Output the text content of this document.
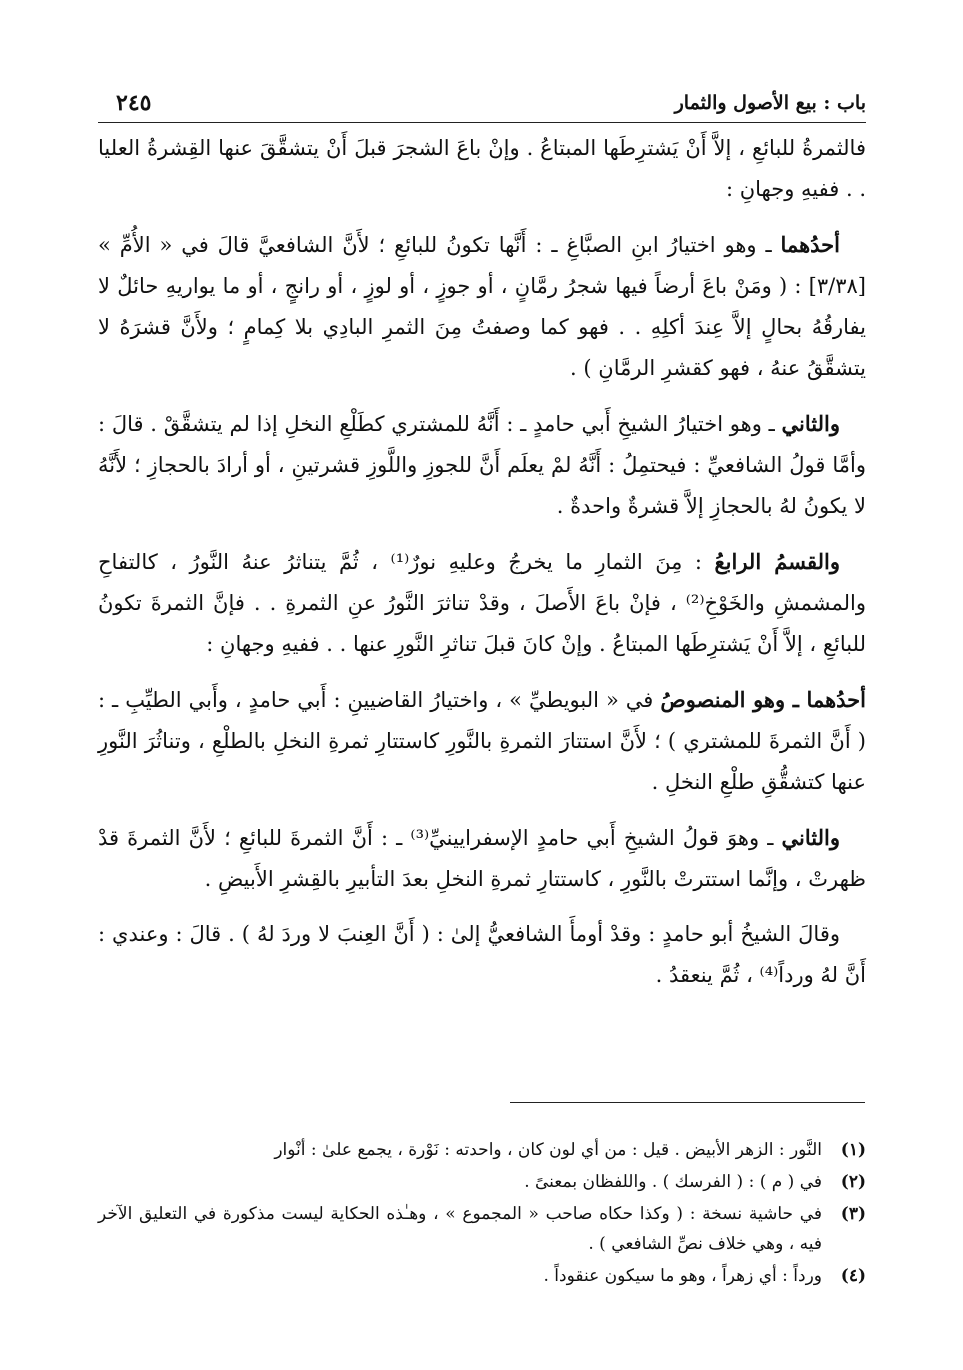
باب : بيع الأصول والثمار
٢٤٥

فالثمرةُ للبائعِ ، إلاَّ أَنْ يَشترِطَها المبتاعُ . وإنْ باعَ الشجرَ قبلَ أَنْ يتشقَّقَ عنها القِشرةُ العليا . . ففيهِ وجهانِ :

أحدُهما ـ وهو اختيارُ ابنِ الصبَّاغِ ـ : أَنَّها تكونُ للبائعِ ؛ لأَنَّ الشافعيَّ قالَ في « الأُمِّ » [٣/٣٨] : ( ومَنْ باعَ أرضاً فيها شجرُ رمَّانٍ ، أو جوزٍ ، أو لوزٍ ، أو رانجٍ ، أو ما يواريهِ حائلٌ لا يفارقُهُ بحالٍ إلاَّ عِندَ أكلِهِ . . فهو كما وصفتُ مِنَ الثمرِ البادِي بلا كِمامٍ ؛ ولأَنَّ قشرَهُ لا يتشقَّقُ عنهُ ، فهو كقشرِ الرمَّانِ ) .

والثاني ـ وهو اختيارُ الشيخِ أَبي حامدٍ ـ : أَنَّهُ للمشتري كطَلْعِ النخلِ إذا لم يتشقَّقْ . قالَ : وأمَّا قولُ الشافعيِّ : فيحتمِلُ : أَنَّهُ لمْ يعلَم أَنَّ للجوزِ واللَّوزِ قشرتينِ ، أو أرادَ بالحجازِ ؛ لأَنَّهُ لا يكونُ لهُ بالحجازِ إلاَّ قشرةٌ واحدةٌ .

والقسمُ الرابعُ : مِنَ الثمارِ ما يخرجُ وعليهِ نورٌ⁽¹⁾ ، ثُمَّ يتناثرُ عنهُ النَّورُ ، كالتفاحِ والمشمشِ والخَوْخِ⁽²⁾ ، فإنْ باعَ الأَصلَ ، وقدْ تناثرَ النَّورُ عنِ الثمرةِ . . فإنَّ الثمرةَ تكونُ للبائعِ ، إلاَّ أَنْ يَشترِطَها المبتاعُ . وإنْ كانَ قبلَ تناثرِ النَّورِ عنها . . ففيهِ وجهانِ :

أحدُهما ـ وهو المنصوصُ في « البويطيِّ » ، واختيارُ القاضيينِ : أَبي حامدٍ ، وأَبي الطيِّبِ ـ : ( أَنَّ الثمرةَ للمشتري ) ؛ لأَنَّ استتارَ الثمرةِ بالنَّورِ كاستتارِ ثمرةِ النخلِ بالطلْعِ ، وتناثُرَ النَّورِ عنها كتشقُّقِ طلْعِ النخلِ .

والثاني ـ وهوَ قولُ الشيخِ أَبي حامدٍ الإسفرايينيِّ⁽³⁾ ـ : أَنَّ الثمرةَ للبائعِ ؛ لأَنَّ الثمرةَ قدْ ظهرتْ ، وإنَّما استترتْ بالنَّورِ ، كاستتارِ ثمرةِ النخلِ بعدَ التأبيرِ بالقِشرِ الأَبيضِ .

وقالَ الشيخُ أبو حامدٍ : وقدْ أومأَ الشافعيُّ إلىٰ : ( أَنَّ العِنبَ لا وردَ لهُ ) . قالَ : وعندي : أَنَّ لهُ ورداً⁽⁴⁾ ، ثُمَّ ينعقدُ .

(١)
النَّور : الزهر الأبيض . قيل : من أي لون كان ، واحدته : نَوْرة ، يجمع علىٰ : أنْوار
(٢)
في ( م ) : ( الفرسك ) . واللفظان بمعنىً .
(٣)
في حاشية نسخة : ( وكذا حكاه صاحب « المجموع » ، وهـٰذه الحكاية ليست مذكورة في التعليق الآخر فيه ، وهي خلاف نصِّ الشافعي ) .
(٤)
ورداً : أي زهراً ، وهو ما سيكون عنقوداً .
